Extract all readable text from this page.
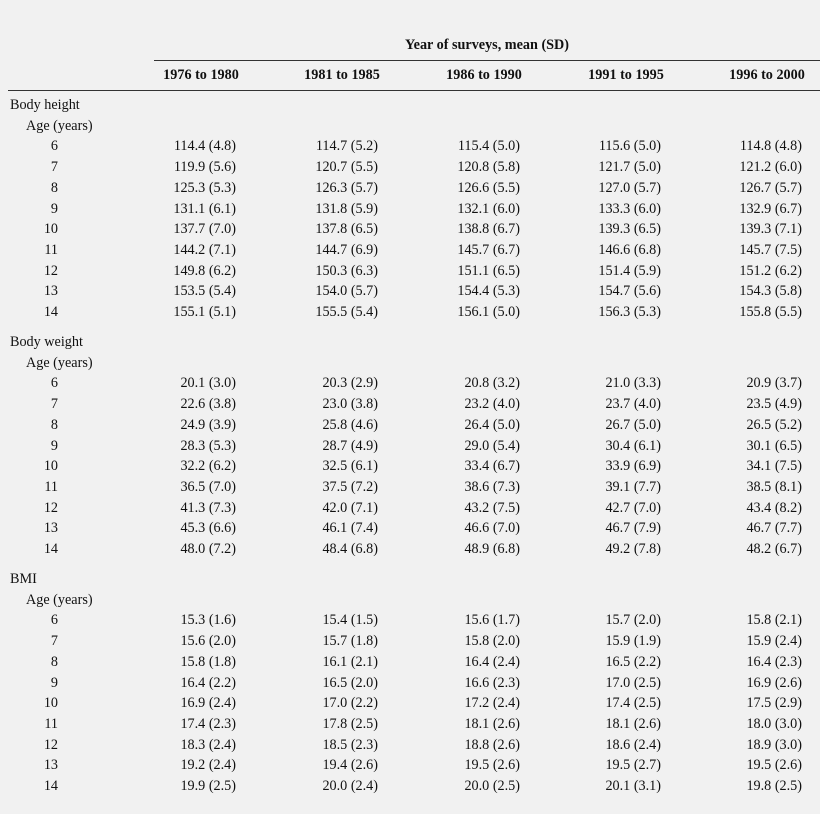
Year of surveys, mean (SD)
1976 to 1980	1981 to 1985	1986 to 1990	1991 to 1995	1996 to 2000
Body height
Age (years)
6	114.4 (4.8)	114.7 (5.2)	115.4 (5.0)	115.6 (5.0)	114.8 (4.8)
7	119.9 (5.6)	120.7 (5.5)	120.8 (5.8)	121.7 (5.0)	121.2 (6.0)
8	125.3 (5.3)	126.3 (5.7)	126.6 (5.5)	127.0 (5.7)	126.7 (5.7)
9	131.1 (6.1)	131.8 (5.9)	132.1 (6.0)	133.3 (6.0)	132.9 (6.7)
10	137.7 (7.0)	137.8 (6.5)	138.8 (6.7)	139.3 (6.5)	139.3 (7.1)
11	144.2 (7.1)	144.7 (6.9)	145.7 (6.7)	146.6 (6.8)	145.7 (7.5)
12	149.8 (6.2)	150.3 (6.3)	151.1 (6.5)	151.4 (5.9)	151.2 (6.2)
13	153.5 (5.4)	154.0 (5.7)	154.4 (5.3)	154.7 (5.6)	154.3 (5.8)
14	155.1 (5.1)	155.5 (5.4)	156.1 (5.0)	156.3 (5.3)	155.8 (5.5)
Body weight
Age (years)
6	20.1 (3.0)	20.3 (2.9)	20.8 (3.2)	21.0 (3.3)	20.9 (3.7)
7	22.6 (3.8)	23.0 (3.8)	23.2 (4.0)	23.7 (4.0)	23.5 (4.9)
8	24.9 (3.9)	25.8 (4.6)	26.4 (5.0)	26.7 (5.0)	26.5 (5.2)
9	28.3 (5.3)	28.7 (4.9)	29.0 (5.4)	30.4 (6.1)	30.1 (6.5)
10	32.2 (6.2)	32.5 (6.1)	33.4 (6.7)	33.9 (6.9)	34.1 (7.5)
11	36.5 (7.0)	37.5 (7.2)	38.6 (7.3)	39.1 (7.7)	38.5 (8.1)
12	41.3 (7.3)	42.0 (7.1)	43.2 (7.5)	42.7 (7.0)	43.4 (8.2)
13	45.3 (6.6)	46.1 (7.4)	46.6 (7.0)	46.7 (7.9)	46.7 (7.7)
14	48.0 (7.2)	48.4 (6.8)	48.9 (6.8)	49.2 (7.8)	48.2 (6.7)
BMI
Age (years)
6	15.3 (1.6)	15.4 (1.5)	15.6 (1.7)	15.7 (2.0)	15.8 (2.1)
7	15.6 (2.0)	15.7 (1.8)	15.8 (2.0)	15.9 (1.9)	15.9 (2.4)
8	15.8 (1.8)	16.1 (2.1)	16.4 (2.4)	16.5 (2.2)	16.4 (2.3)
9	16.4 (2.2)	16.5 (2.0)	16.6 (2.3)	17.0 (2.5)	16.9 (2.6)
10	16.9 (2.4)	17.0 (2.2)	17.2 (2.4)	17.4 (2.5)	17.5 (2.9)
11	17.4 (2.3)	17.8 (2.5)	18.1 (2.6)	18.1 (2.6)	18.0 (3.0)
12	18.3 (2.4)	18.5 (2.3)	18.8 (2.6)	18.6 (2.4)	18.9 (3.0)
13	19.2 (2.4)	19.4 (2.6)	19.5 (2.6)	19.5 (2.7)	19.5 (2.6)
14	19.9 (2.5)	20.0 (2.4)	20.0 (2.5)	20.1 (3.1)	19.8 (2.5)
